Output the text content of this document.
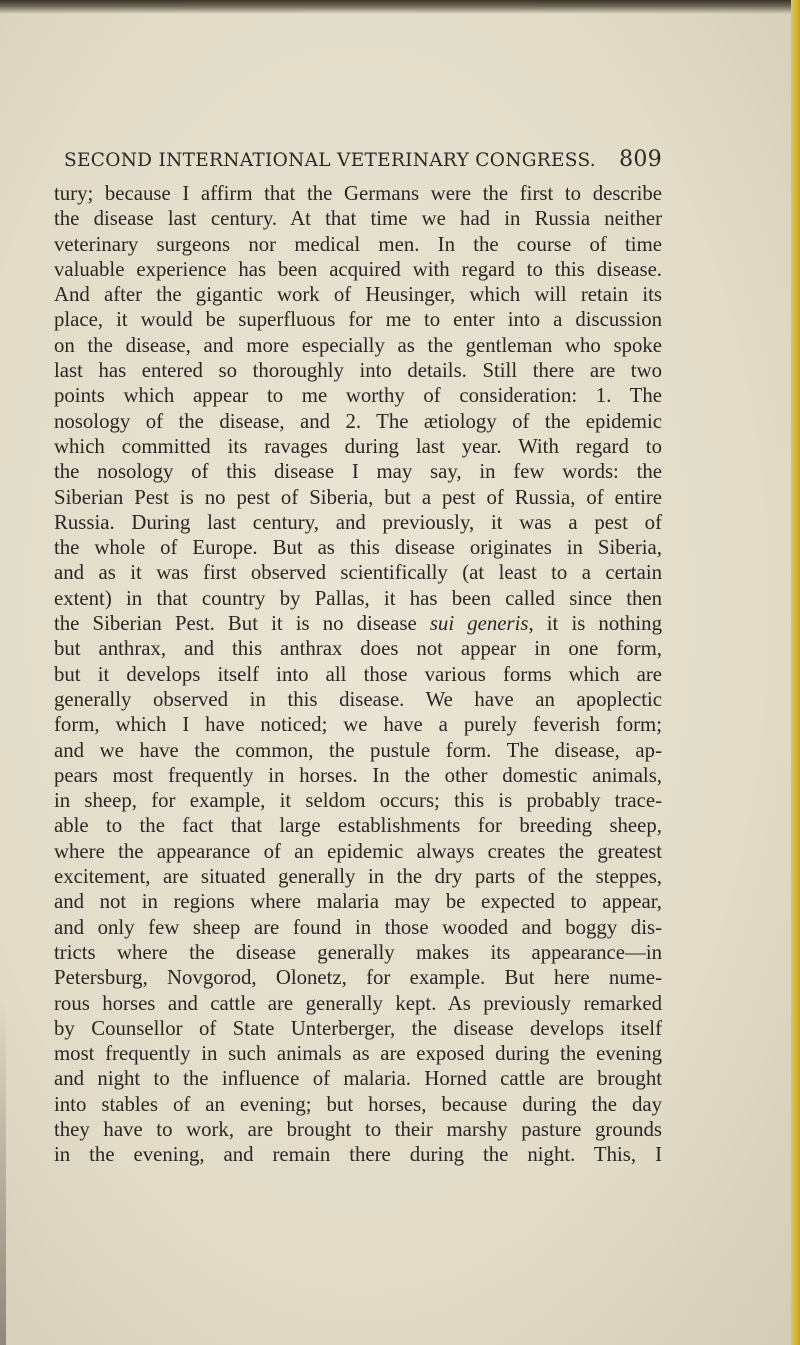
SECOND INTERNATIONAL VETERINARY CONGRESS. 809
tury; because I affirm that the Germans were the first to describe
the disease last century. At that time we had in Russia neither
veterinary surgeons nor medical men. In the course of time
valuable experience has been acquired with regard to this disease.
And after the gigantic work of Heusinger, which will retain its
place, it would be superfluous for me to enter into a discussion
on the disease, and more especially as the gentleman who spoke
last has entered so thoroughly into details. Still there are two
points which appear to me worthy of consideration: 1. The
nosology of the disease, and 2. The ætiology of the epidemic
which committed its ravages during last year. With regard to
the nosology of this disease I may say, in few words: the
Siberian Pest is no pest of Siberia, but a pest of Russia, of entire
Russia. During last century, and previously, it was a pest of
the whole of Europe. But as this disease originates in Siberia,
and as it was first observed scientifically (at least to a certain
extent) in that country by Pallas, it has been called since then
the Siberian Pest. But it is no disease sui generis, it is nothing
but anthrax, and this anthrax does not appear in one form,
but it develops itself into all those various forms which are
generally observed in this disease. We have an apoplectic
form, which I have noticed; we have a purely feverish form;
and we have the common, the pustule form. The disease, ap-
pears most frequently in horses. In the other domestic animals,
in sheep, for example, it seldom occurs; this is probably trace-
able to the fact that large establishments for breeding sheep,
where the appearance of an epidemic always creates the greatest
excitement, are situated generally in the dry parts of the steppes,
and not in regions where malaria may be expected to appear,
and only few sheep are found in those wooded and boggy dis-
tricts where the disease generally makes its appearance—in
Petersburg, Novgorod, Olonetz, for example. But here nume-
rous horses and cattle are generally kept. As previously remarked
by Counsellor of State Unterberger, the disease develops itself
most frequently in such animals as are exposed during the evening
and night to the influence of malaria. Horned cattle are brought
into stables of an evening; but horses, because during the day
they have to work, are brought to their marshy pasture grounds
in the evening, and remain there during the night. This, I
